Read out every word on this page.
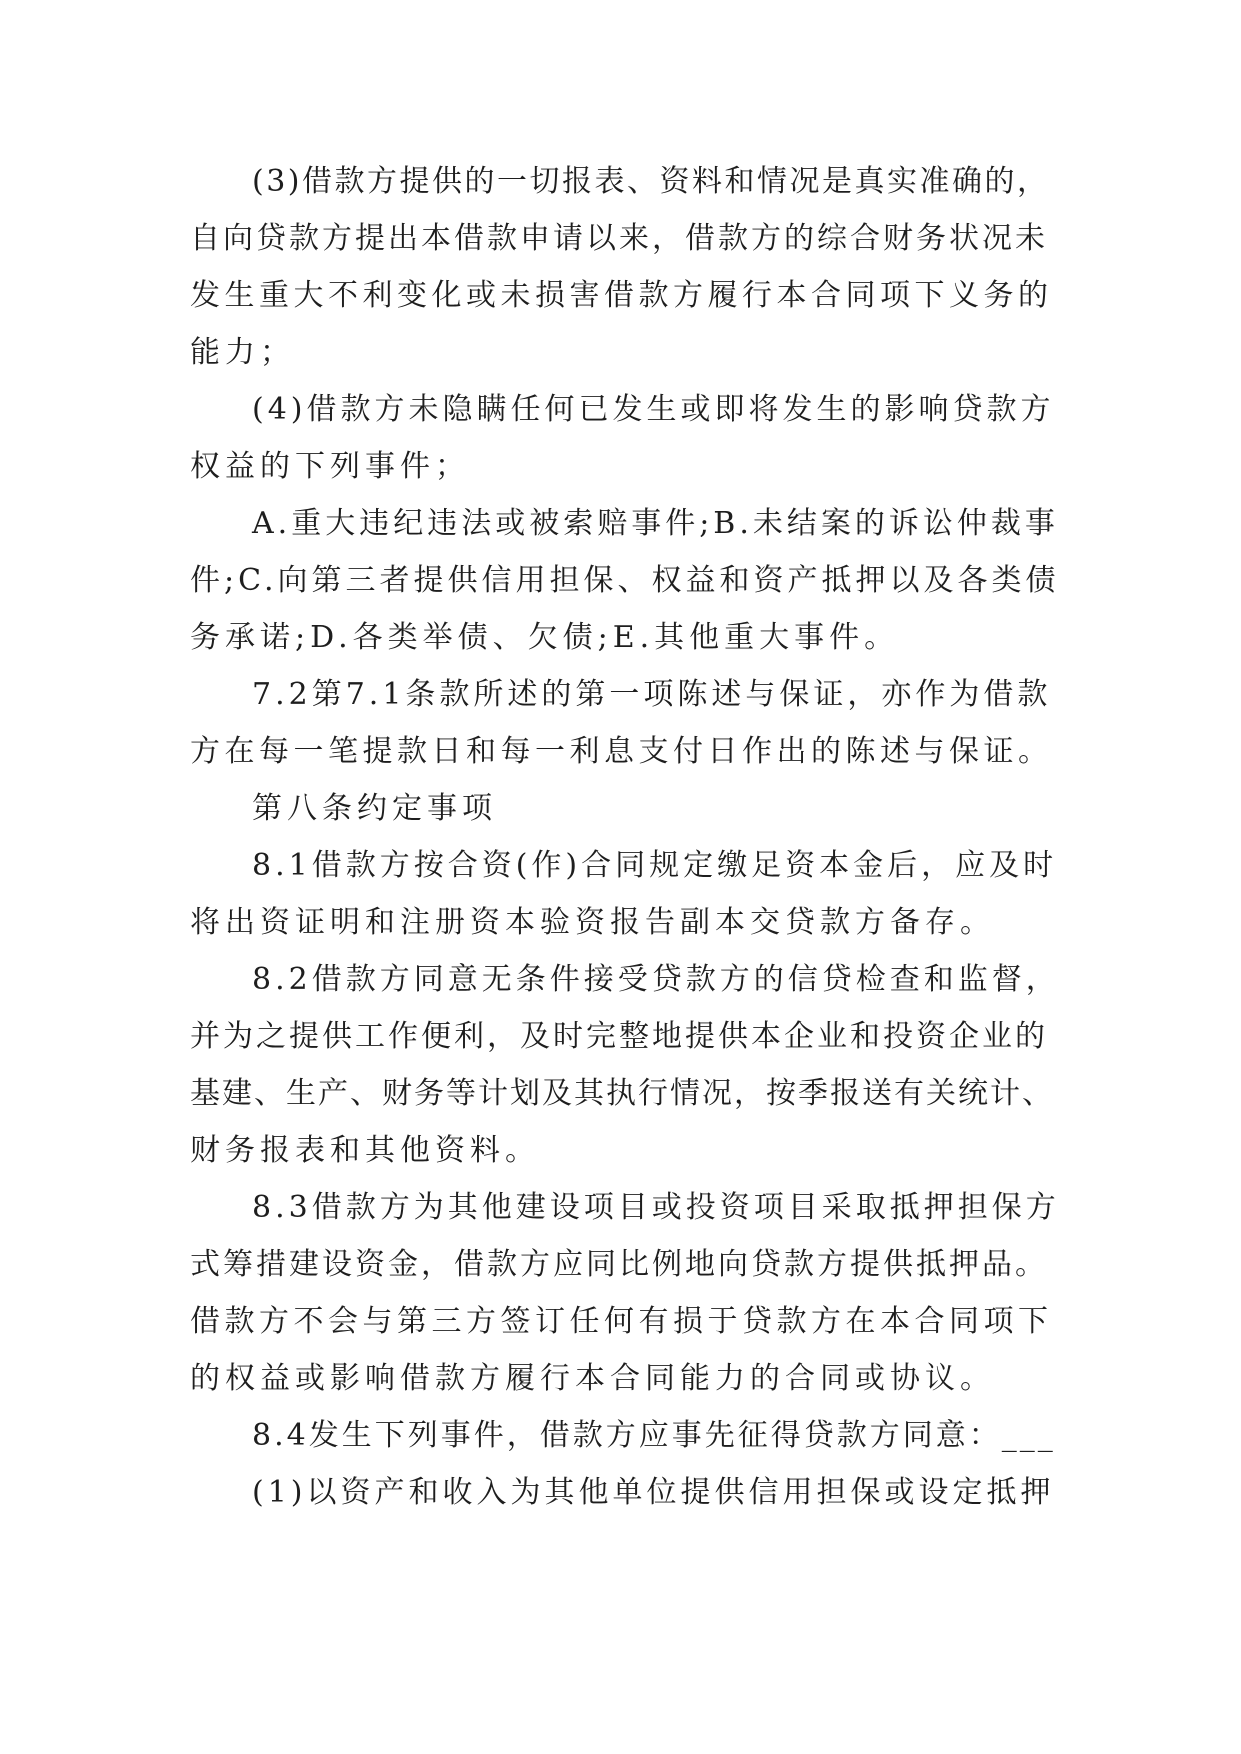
(3)借款方提供的一切报表、资料和情况是真实准确的，
自向贷款方提出本借款申请以来，借款方的综合财务状况未
发生重大不利变化或未损害借款方履行本合同项下义务的
能力；
(4)借款方未隐瞒任何已发生或即将发生的影响贷款方
权益的下列事件；
A.重大违纪违法或被索赔事件;B.未结案的诉讼仲裁事
件;C.向第三者提供信用担保、权益和资产抵押以及各类债
务承诺;D.各类举债、欠债;E.其他重大事件。
7.2第7.1条款所述的第一项陈述与保证，亦作为借款
方在每一笔提款日和每一利息支付日作出的陈述与保证。
第八条约定事项
8.1借款方按合资(作)合同规定缴足资本金后，应及时
将出资证明和注册资本验资报告副本交贷款方备存。
8.2借款方同意无条件接受贷款方的信贷检查和监督，
并为之提供工作便利，及时完整地提供本企业和投资企业的
基建、生产、财务等计划及其执行情况，按季报送有关统计、
财务报表和其他资料。
8.3借款方为其他建设项目或投资项目采取抵押担保方
式筹措建设资金，借款方应同比例地向贷款方提供抵押品。
借款方不会与第三方签订任何有损于贷款方在本合同项下
的权益或影响借款方履行本合同能力的合同或协议。
8.4发生下列事件，借款方应事先征得贷款方同意：___
(1)以资产和收入为其他单位提供信用担保或设定抵押
